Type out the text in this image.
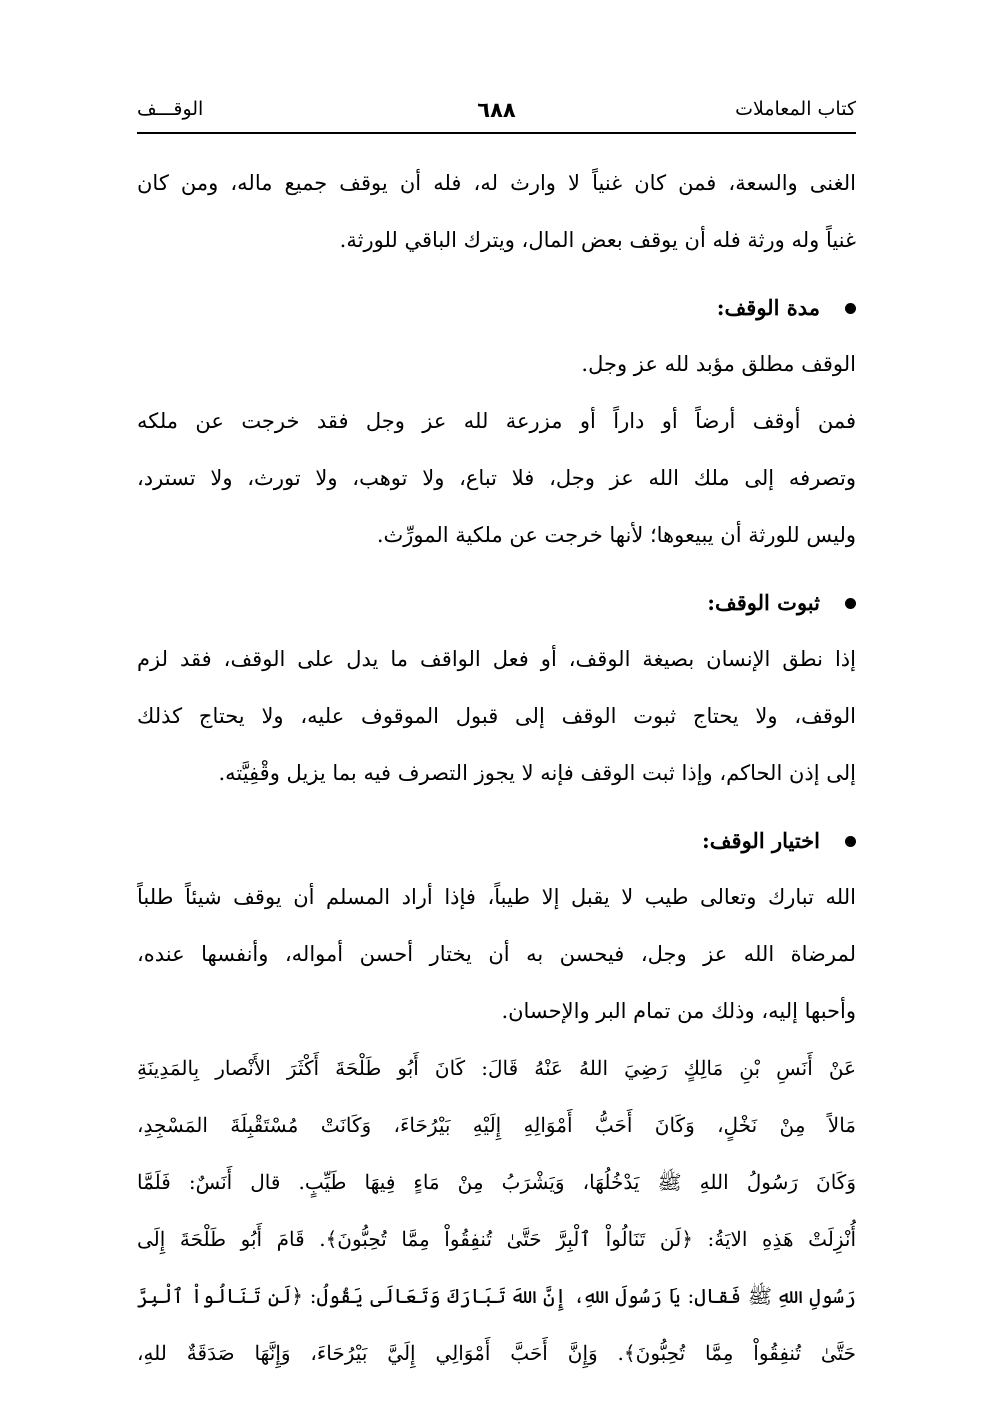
كتاب المعاملات
٦٨٨
الوقـــف
الغنى والسعة، فمن كان غنياً لا وارث له، فله أن يوقف جميع ماله، ومن كان
غنياً وله ورثة فله أن يوقف بعض المال، ويترك الباقي للورثة.
مدة الوقف:
الوقف مطلق مؤبد لله عز وجل.
فمن أوقف أرضاً أو داراً أو مزرعة لله عز وجل فقد خرجت عن ملكه
وتصرفه إلى ملك الله عز وجل، فلا تباع، ولا توهب، ولا تورث، ولا تسترد،
وليس للورثة أن يبيعوها؛ لأنها خرجت عن ملكية المورِّث.
ثبوت الوقف:
إذا نطق الإنسان بصيغة الوقف، أو فعل الواقف ما يدل على الوقف، فقد لزم
الوقف، ولا يحتاج ثبوت الوقف إلى قبول الموقوف عليه، ولا يحتاج كذلك
إلى إذن الحاكم، وإذا ثبت الوقف فإنه لا يجوز التصرف فيه بما يزيل وقْفِيَّته.
اختيار الوقف:
الله تبارك وتعالى طيب لا يقبل إلا طيباً، فإذا أراد المسلم أن يوقف شيئاً طلباً
لمرضاة الله عز وجل، فيحسن به أن يختار أحسن أمواله، وأنفسها عنده،
وأحبها إليه، وذلك من تمام البر والإحسان.
عَنْ أَنَسِ بْنِ مَالِكٍ رَضِيَ اللهُ عَنْهُ قَالَ: كَانَ أَبُو طَلْحَةَ أَكْثَرَ الأَنْصار بِالمَدِينَةِ
مَالاً مِنْ نَخْلٍ، وَكَانَ أَحَبُّ أَمْوَالِهِ إِلَيْهِ بَيْرُحَاءَ، وَكَانَتْ مُسْتَقْبِلَةَ المَسْجِدِ،
وَكَانَ رَسُولُ اللهِ ﷺ يَدْخُلُهَا، وَيَشْرَبُ مِنْ مَاءٍ فِيهَا طَيِّبٍ. قال أَنَسٌ: فَلَمَّا
أُنْزِلَتْ هَذِهِ الايَةُ: ﴿لَن تَنَالُواْ ٱلْبِرَّ حَتَّىٰ تُنفِقُواْ مِمَّا تُحِبُّونَ﴾. قَامَ أَبُو طَلْحَةَ إِلَى
رَسُولِ اللهِ ﷺ فَقال: يَا رَسُولَ اللهِ، إِنَّ اللهَ تَبَارَكَ وَتَعَالَى يَقُولُ: ﴿لَن تَنَالُواْ ٱلْبِرَّ
حَتَّىٰ تُنفِقُواْ مِمَّا تُحِبُّونَ﴾. وَإِنَّ أَحَبَّ أَمْوَالِي إِلَيَّ بَيْرُحَاءَ، وَإِنَّهَا صَدَقَةٌ للهِ،
